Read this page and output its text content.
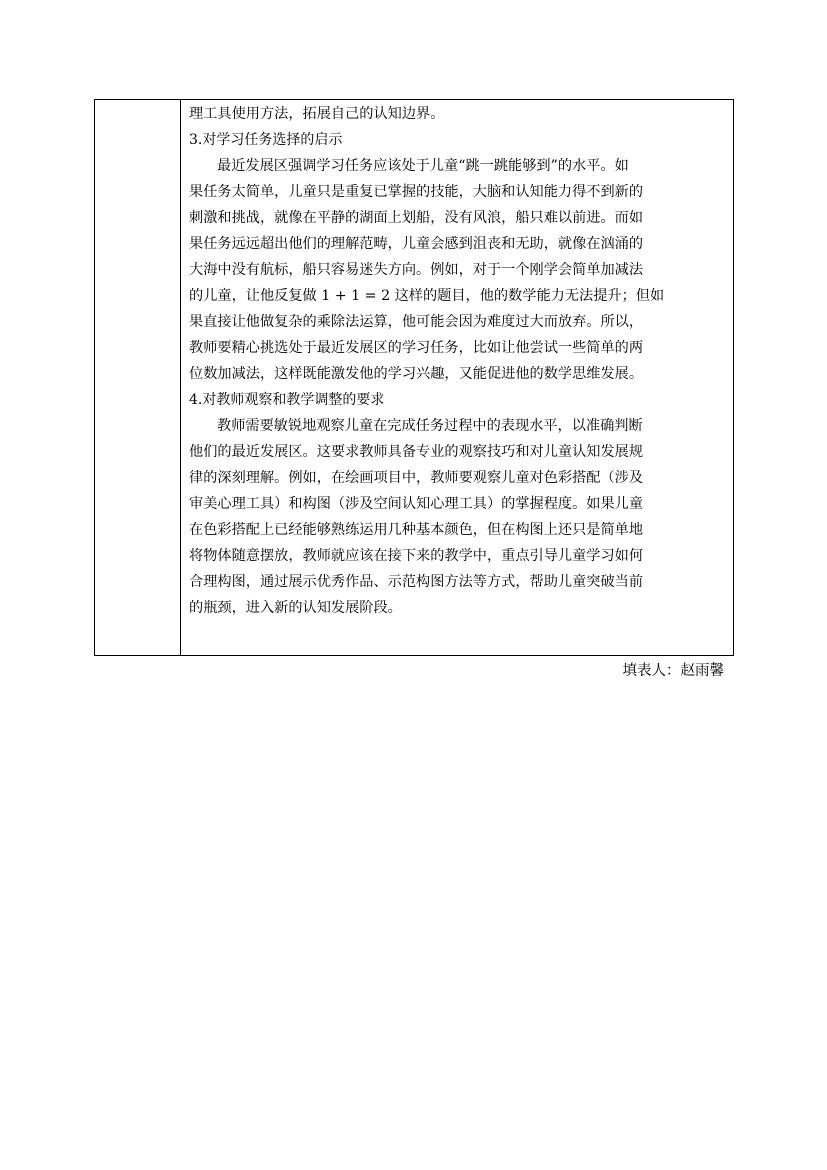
理工具使用方法，拓展自己的认知边界。
3.对学习任务选择的启示
最近发展区强调学习任务应该处于儿童“跳一跳能够到”的水平。如
果任务太简单，儿童只是重复已掌握的技能，大脑和认知能力得不到新的
刺激和挑战，就像在平静的湖面上划船，没有风浪，船只难以前进。而如
果任务远远超出他们的理解范畴，儿童会感到沮丧和无助，就像在汹涌的
大海中没有航标，船只容易迷失方向。例如，对于一个刚学会简单加减法
的儿童，让他反复做 1 + 1 = 2 这样的题目，他的数学能力无法提升；但如
果直接让他做复杂的乘除法运算，他可能会因为难度过大而放弃。所以，
教师要精心挑选处于最近发展区的学习任务，比如让他尝试一些简单的两
位数加减法，这样既能激发他的学习兴趣，又能促进他的数学思维发展。
4.对教师观察和教学调整的要求
教师需要敏锐地观察儿童在完成任务过程中的表现水平，以准确判断
他们的最近发展区。这要求教师具备专业的观察技巧和对儿童认知发展规
律的深刻理解。例如，在绘画项目中，教师要观察儿童对色彩搭配（涉及
审美心理工具）和构图（涉及空间认知心理工具）的掌握程度。如果儿童
在色彩搭配上已经能够熟练运用几种基本颜色，但在构图上还只是简单地
将物体随意摆放，教师就应该在接下来的教学中，重点引导儿童学习如何
合理构图，通过展示优秀作品、示范构图方法等方式，帮助儿童突破当前
的瓶颈，进入新的认知发展阶段。
填表人：赵雨馨
